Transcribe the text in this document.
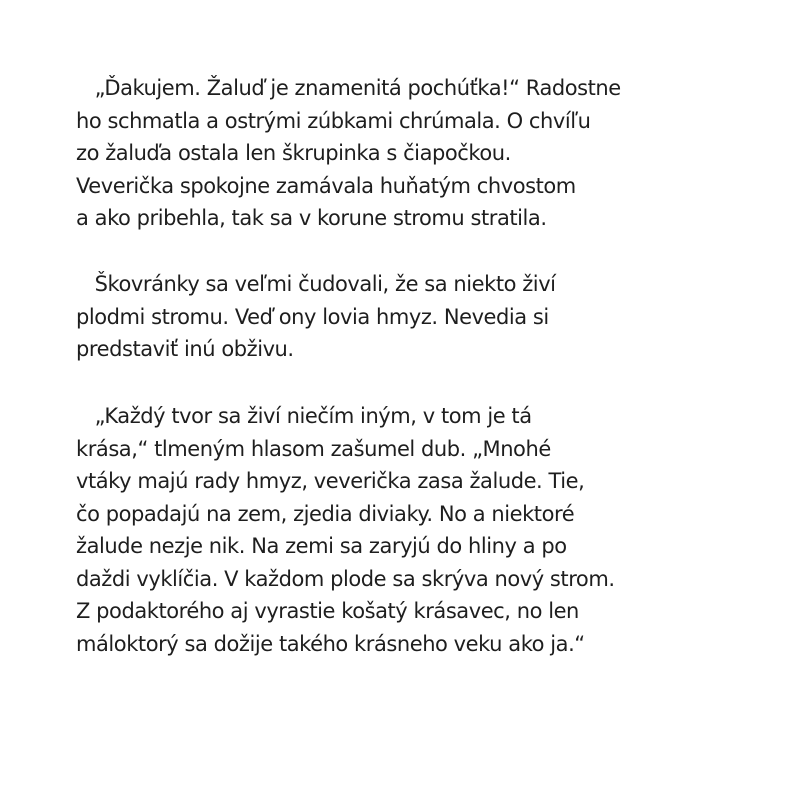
„Ďakujem. Žaluď je znamenitá pochúťka!“ Radostne
ho schmatla a ostrými zúbkami chrúmala. O chvíľu
zo žaluďa ostala len škrupinka s čiapočkou.
Veverička spokojne zamávala huňatým chvostom
a ako pribehla, tak sa v korune stromu stratila.
Škovránky sa veľmi čudovali, že sa niekto živí
plodmi stromu. Veď ony lovia hmyz. Nevedia si
predstaviť inú obživu.
„Každý tvor sa živí niečím iným, v tom je tá
krása,“ tlmeným hlasom zašumel dub. „Mnohé
vtáky majú rady hmyz, veverička zasa žalude. Tie,
čo popadajú na zem, zjedia diviaky. No a niektoré
žalude nezje nik. Na zemi sa zaryjú do hliny a po
daždi vyklíčia. V každom plode sa skrýva nový strom.
Z podaktorého aj vyrastie košatý krásavec, no len
máloktorý sa dožije takého krásneho veku ako ja.“
